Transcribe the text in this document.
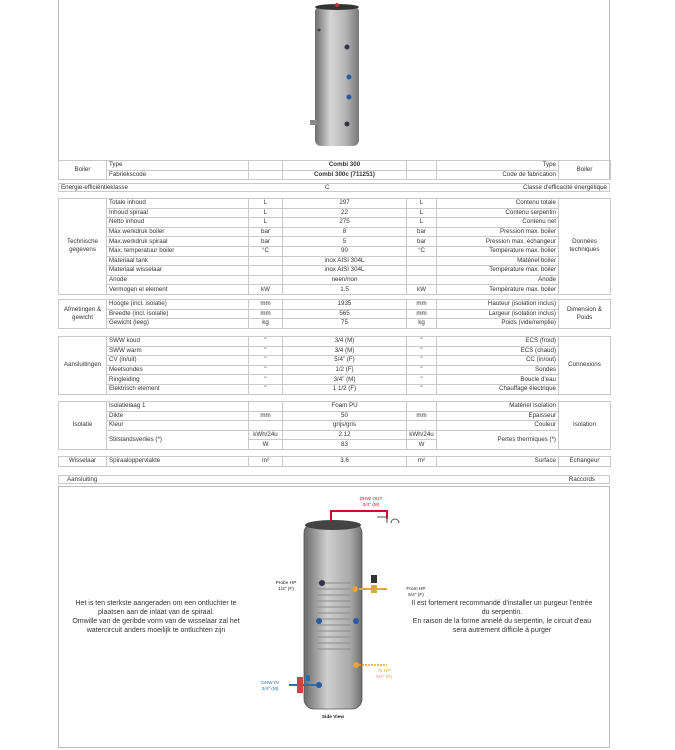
Boiler	Type		Combi 300		Type	Boiler
	Fabriekscode		Combi 300c (711251)		Code de fabrication	
Energie-efficiëntieklasse	C	Classe d'efficacité énergétique
Technische gegevens	Totale inhoud	L	297	L	Contenu totale	Données techniques
	Inhoud spiraal	L	22	L	Contenu serpentin	
	Netto inhoud	L	275	L	Contenu net	
	Max werkdruk boiler	bar	8	bar	Pression max. boiler	
	Max.werkdruk spiraal	bar	5	bar	Pression max. échangeur	
	Max. temperatuur boiler	°C	90	°C	Température max. boiler	
	Materiaal tank		inox AISI 304L		Matériel boiler	
	Materiaal wisselaar		inox AISI 304L		Température max. boiler	
	Anode		neen/non		Anode	
	Vermogen el element	kW	1.5	kW	Température max. boiler	
Afmetingen & gewicht	Hoogte (incl. isolatie)	mm	1935	mm	Hauteur (isolation inclus)	Dimension & Poids
	Breedte (incl. isolatie)	mm	565	mm	Largeur (isolation inclus)	
	Gewicht (leeg)	kg	75	kg	Poids (vide/remplie)	
Aansluitingen	SWW koud	"	3/4 (M)	"	ECS (froid)	Connexions
	SWW warm	"	3/4 (M)	"	ECS (chaud)	
	CV (in/uit)	"	5/4" (F)	"	CC (in/out)	
	Meetsondes	"	1/2 (F)	"	Sondes	
	Ringleiding	"	3/4" (M)	"	Boucle d'eau	
	Elektrisch element	"	1 1/2 (F)	"	Chauffage électrique	
Isolatie	Isolatielaag 1		Foam PU		Matériel Isolation	Isolation
	Dikte	mm	50	mm	Epaisseur	
	Kleur		grijs/gris		Couleur	
	Stilstandsverlies (*)	kWh/24u	2.12	kWh/24u	Pertes thermiques (*)	
		W	83	W		
Wisselaar	Spiraaloppervlakte	m²	3.6	m²	Surface	Echangeur
Aansluiting	Raccords
Het is ten sterkste aangeraden om een ontluchter te plaatsen aan de inlaat van de spiraal.
Omwille van de geribde vorm van de wisselaar zal het watercircuit anders moeilijk te ontluchten zijn
Il est fortement recommandé d'installer un purgeur l'entrée du serpentin.
En raison de la forme annelé du serpentin, le circuit d'eau sera autrement difficile à purger
DHW OUT
3/4" (M)
Probe HP
1/2" (F)	From HP
5/4" (F)
To HP
5/4" (F)
DHW IN
3/4" (M)
Side View
